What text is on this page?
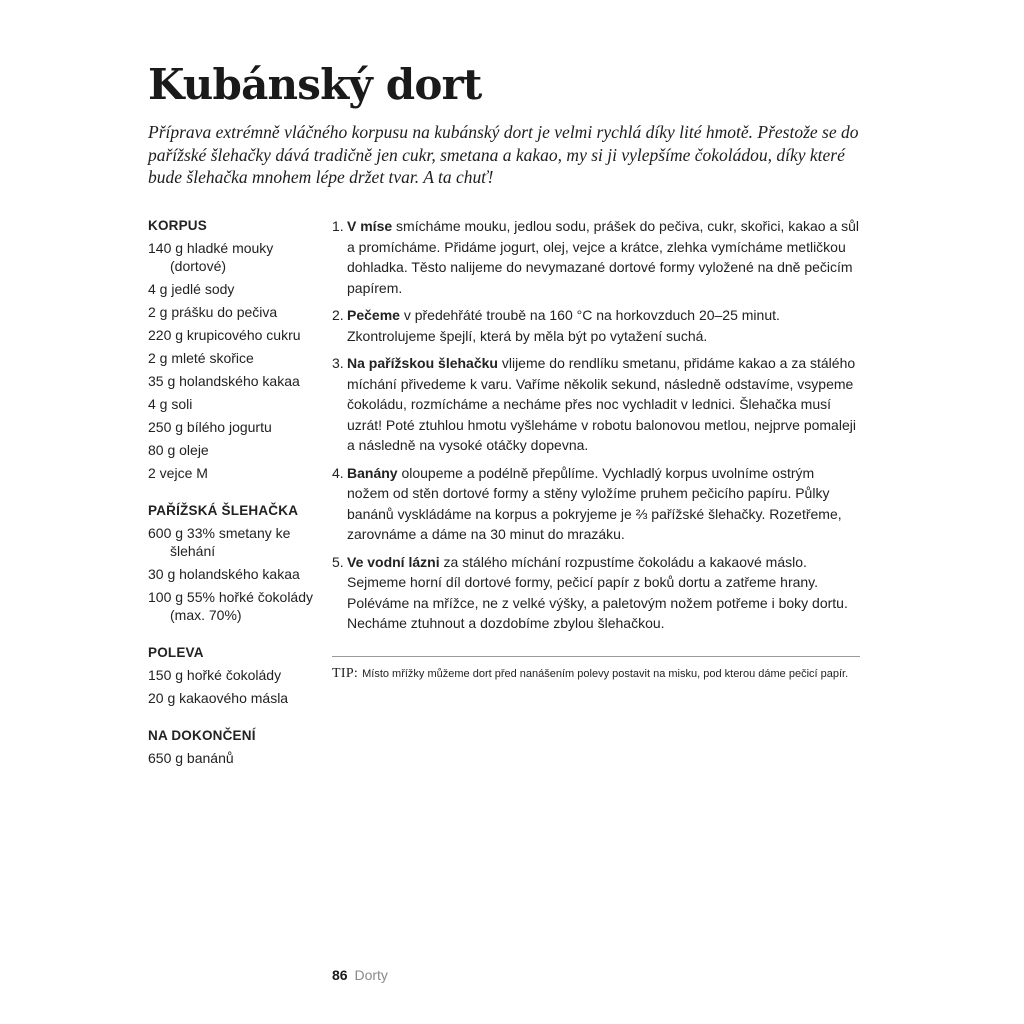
Kubánský dort

Příprava extrémně vláčného korpusu na kubánský dort je velmi rychlá díky lité hmotě. Přestože se do pařížské šlehačky dává tradičně jen cukr, smetana a kakao, my si ji vylepšíme čokoládou, díky které bude šlehačka mnohem lépe držet tvar. A ta chuť!

KORPUS
140 g hladké mouky (dortové)
4 g jedlé sody
2 g prášku do pečiva
220 g krupicového cukru
2 g mleté skořice
35 g holandského kakaa
4 g soli
250 g bílého jogurtu
80 g oleje
2 vejce M
PAŘÍŽSKÁ ŠLEHAČKA
600 g 33% smetany ke šlehání
30 g holandského kakaa
100 g 55% hořké čokolády (max. 70%)
POLEVA
150 g hořké čokolády
20 g kakaového másla
NA DOKONČENÍ
650 g banánů
1. V míse smícháme mouku, jedlou sodu, prášek do pečiva, cukr, skořici, kakao a sůl a promícháme. Přidáme jogurt, olej, vejce a krátce, zlehka vymícháme metličkou dohladka. Těsto nalijeme do nevymazané dortové formy vyložené na dně pečicím papírem.
2. Pečeme v předehřáté troubě na 160 °C na horkovzduch 20–25 minut. Zkontrolujeme špejlí, která by měla být po vytažení suchá.
3. Na pařížskou šlehačku vlijeme do rendlíku smetanu, přidáme kakao a za stálého míchání přivedeme k varu. Vaříme několik sekund, následně odstavíme, vsypeme čokoládu, rozmícháme a necháme přes noc vychladit v lednici. Šlehačka musí uzrát! Poté ztuhlou hmotu vyšleháme v robotu balonovou metlou, nejprve pomaleji a následně na vysoké otáčky dopevna.
4. Banány oloupeme a podélně přepůlíme. Vychladlý korpus uvolníme ostrým nožem od stěn dortové formy a stěny vyložíme pruhem pečicího papíru. Půlky banánů vyskládáme na korpus a pokryjeme je ⅔ pařížské šlehačky. Rozetřeme, zarovnáme a dáme na 30 minut do mrazáku.
5. Ve vodní lázni za stálého míchání rozpustíme čokoládu a kakaové máslo. Sejmeme horní díl dortové formy, pečicí papír z boků dortu a zatřeme hrany. Poléváme na mřížce, ne z velké výšky, a paletovým nožem potřeme i boky dortu. Necháme ztuhnout a dozdobíme zbylou šlehačkou.
TIP: Místo mřížky můžeme dort před nanášením polevy postavit na misku, pod kterou dáme pečicí papír.
86 Dorty
